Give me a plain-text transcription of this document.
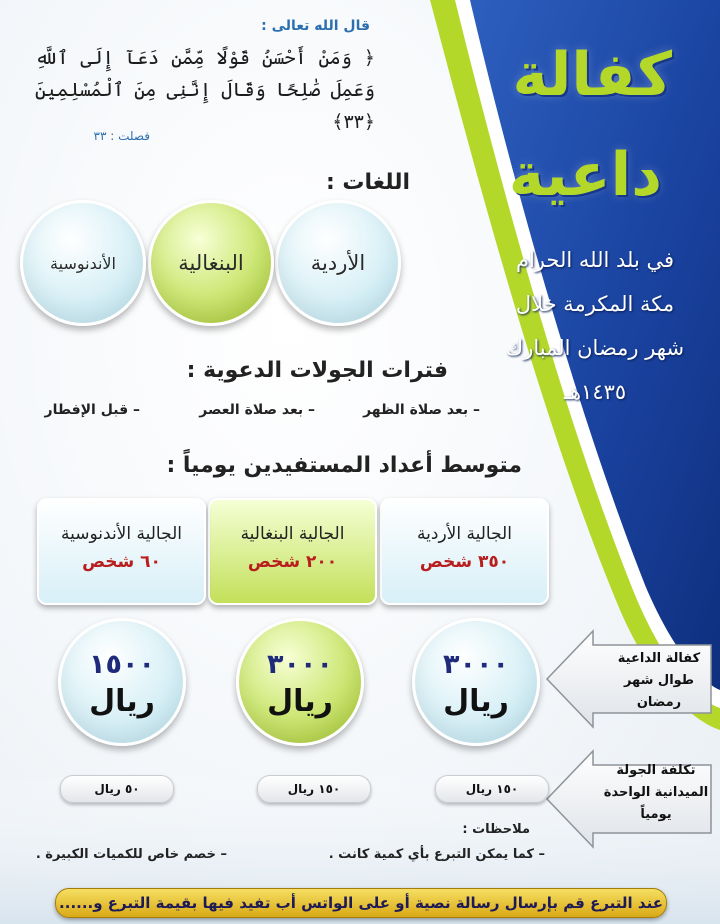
قال الله تعالى :
﴿ وَمَنْ أَحْسَنُ قَوْلًا مِّمَّن دَعَآ إِلَى ٱللَّهِ وَعَمِلَ صَٰلِحًا وَقَالَ إِنَّنِى مِنَ ٱلْمُسْلِمِينَ ﴿٣٣﴾
فصلت : ٣٣
كفالة
داعية
في بلد الله الحرام مكة المكرمة خلال شهر رمضان المبارك ١٤٣٥هـ
اللغات :
الأردية
البنغالية
الأندنوسية
فترات الجولات الدعوية :
– بعد صلاة الظهر
– بعد صلاة العصر
– قبل الإفطار
متوسط أعداد المستفيدين يومياً :
الجالية الأردية
٣٥٠ شخص
الجالية البنغالية
٢٠٠ شخص
الجالية الأندنوسية
٦٠ شخص
٣٠٠٠
ريال
٣٠٠٠
ريال
١٥٠٠
ريال
كفالة الداعية طوال شهر رمضان
تكلفة الجولة الميدانية الواحدة يومياً
١٥٠ ريال
١٥٠ ريال
٥٠ ريال
ملاحظات :
– كما يمكن التبرع بأي كمية كانت .
– خصم خاص للكميات الكبيرة .
عند التبرع قم بإرسال رسالة نصية أو على الواتس أب تفيد فيها بقيمة التبرع و......
